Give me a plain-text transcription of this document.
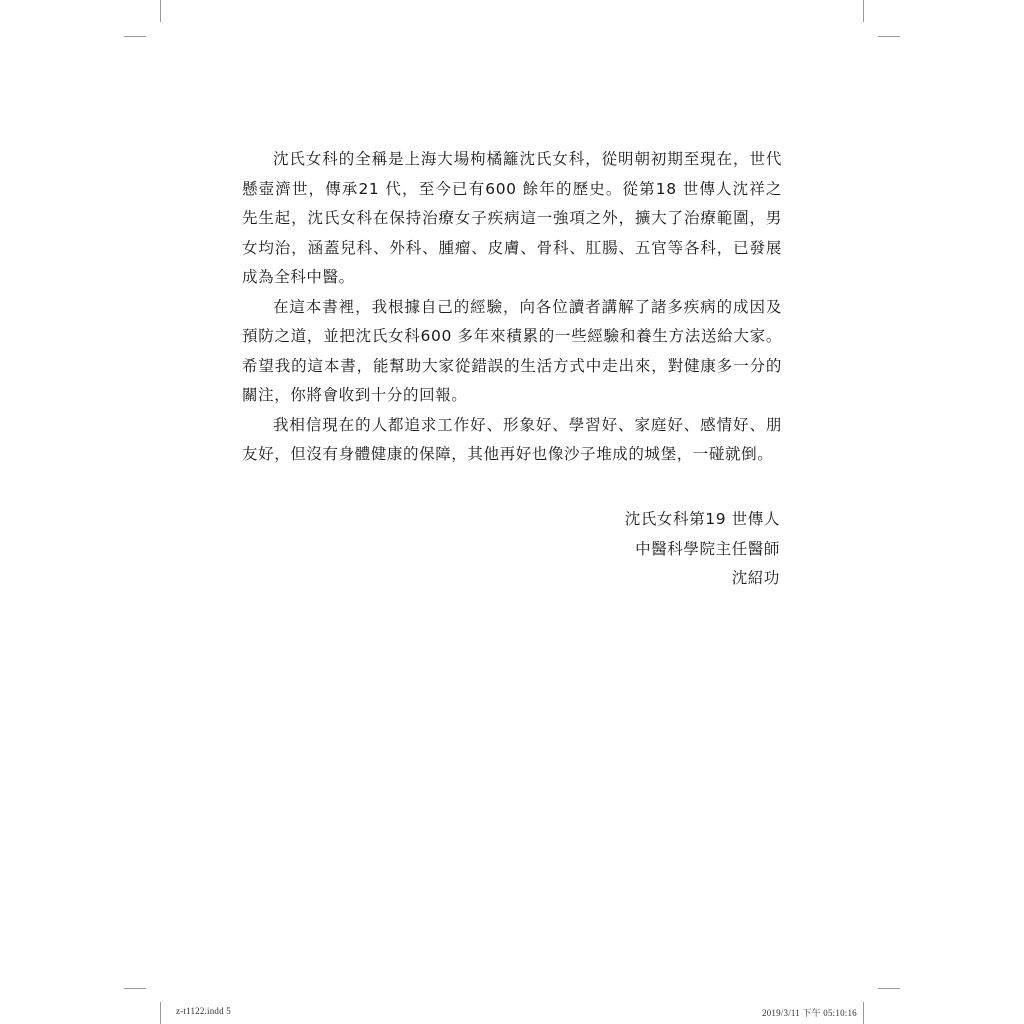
沈氏女科的全稱是上海大場枸橘籬沈氏女科，從明朝初期至現在，世代懸壺濟世，傳承21 代，至今已有600 餘年的歷史。從第18 世傳人沈祥之先生起，沈氏女科在保持治療女子疾病這一強項之外，擴大了治療範圍，男女均治，涵蓋兒科、外科、腫瘤、皮膚、骨科、肛腸、五官等各科，已發展成為全科中醫。

在這本書裡，我根據自己的經驗，向各位讀者講解了諸多疾病的成因及預防之道，並把沈氏女科600 多年來積累的一些經驗和養生方法送給大家。希望我的這本書，能幫助大家從錯誤的生活方式中走出來，對健康多一分的關注，你將會收到十分的回報。

我相信現在的人都追求工作好、形象好、學習好、家庭好、感情好、朋友好，但沒有身體健康的保障，其他再好也像沙子堆成的城堡，一碰就倒。

沈氏女科第19 世傳人
中醫科學院主任醫師
沈紹功
z-t1122.indd 5	2019/3/11 下午 05:10:16
